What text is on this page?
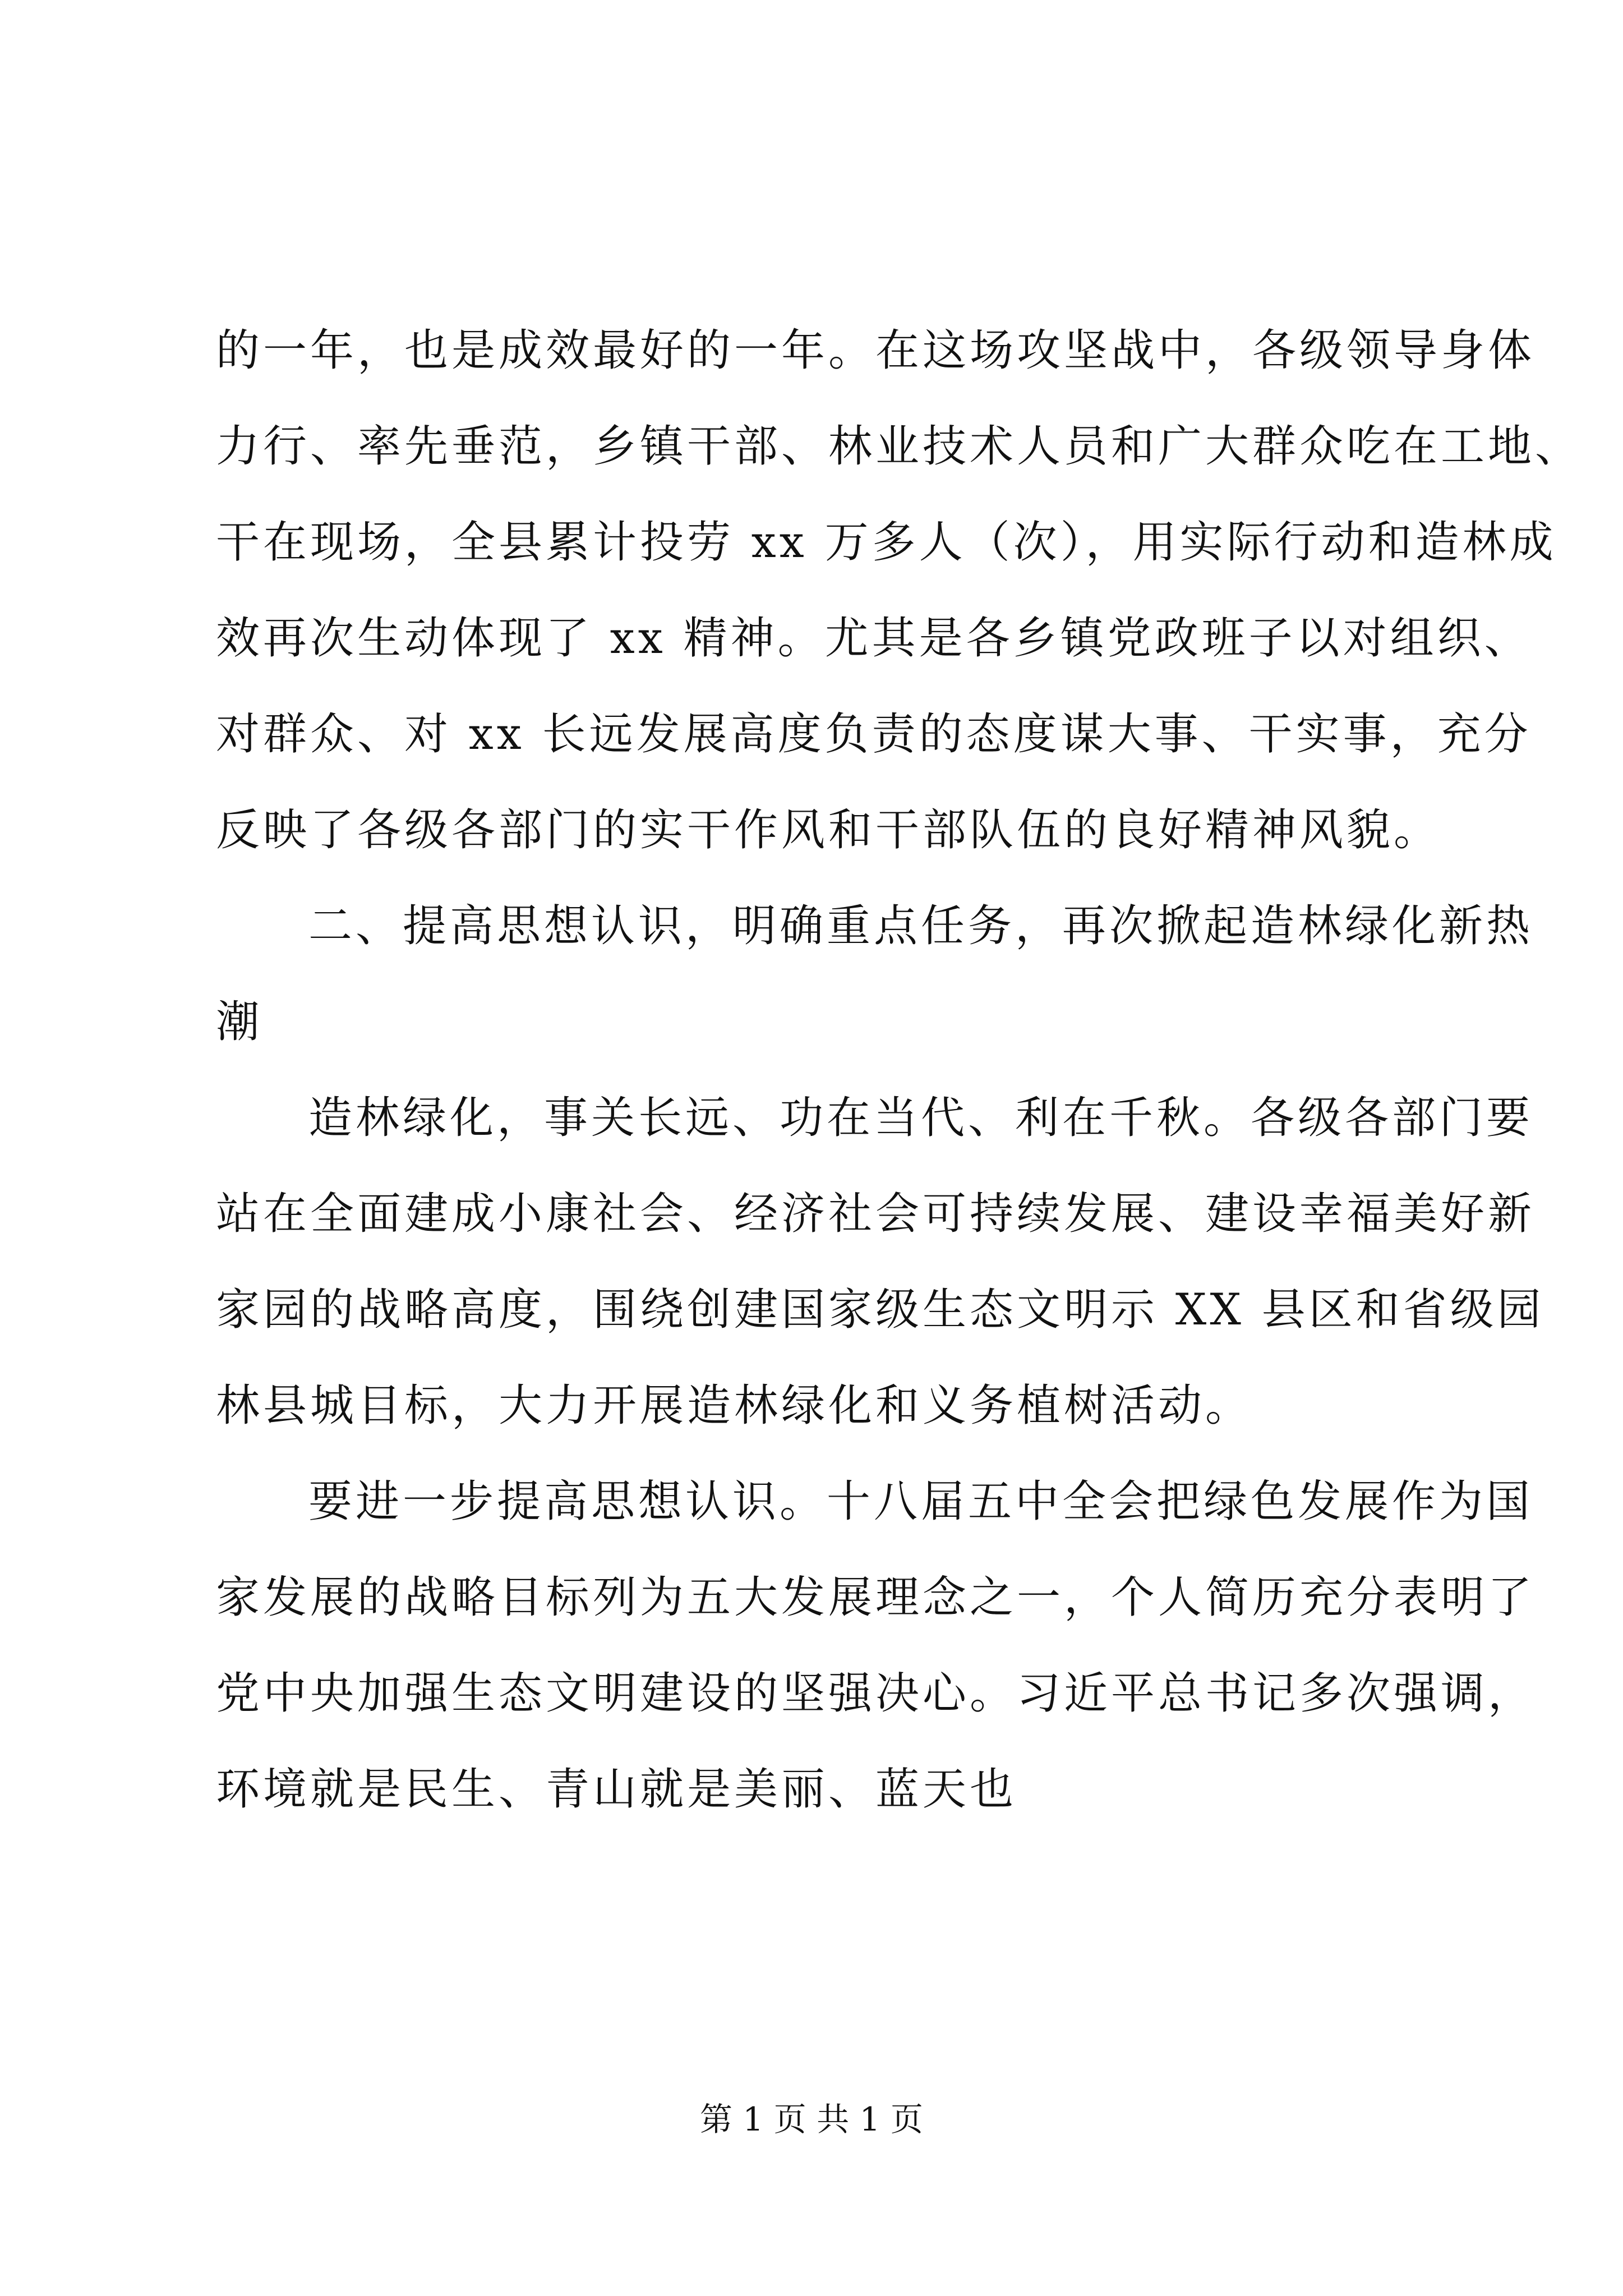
的一年，也是成效最好的一年。在这场攻坚战中，各级领导身体
力行、率先垂范，乡镇干部、林业技术人员和广大群众吃在工地、
干在现场，全县累计投劳 xx 万多人（次），用实际行动和造林成
效再次生动体现了 xx 精神。尤其是各乡镇党政班子以对组织、
对群众、对 xx 长远发展高度负责的态度谋大事、干实事，充分
反映了各级各部门的实干作风和干部队伍的良好精神风貌。
二、提高思想认识，明确重点任务，再次掀起造林绿化新热
潮
造林绿化，事关长远、功在当代、利在千秋。各级各部门要
站在全面建成小康社会、经济社会可持续发展、建设幸福美好新
家园的战略高度，围绕创建国家级生态文明示 XX 县区和省级园
林县城目标，大力开展造林绿化和义务植树活动。
要进一步提高思想认识。十八届五中全会把绿色发展作为国
家发展的战略目标列为五大发展理念之一，个人简历充分表明了
党中央加强生态文明建设的坚强决心。习近平总书记多次强调，
环境就是民生、青山就是美丽、蓝天也
第 1 页 共 1 页
